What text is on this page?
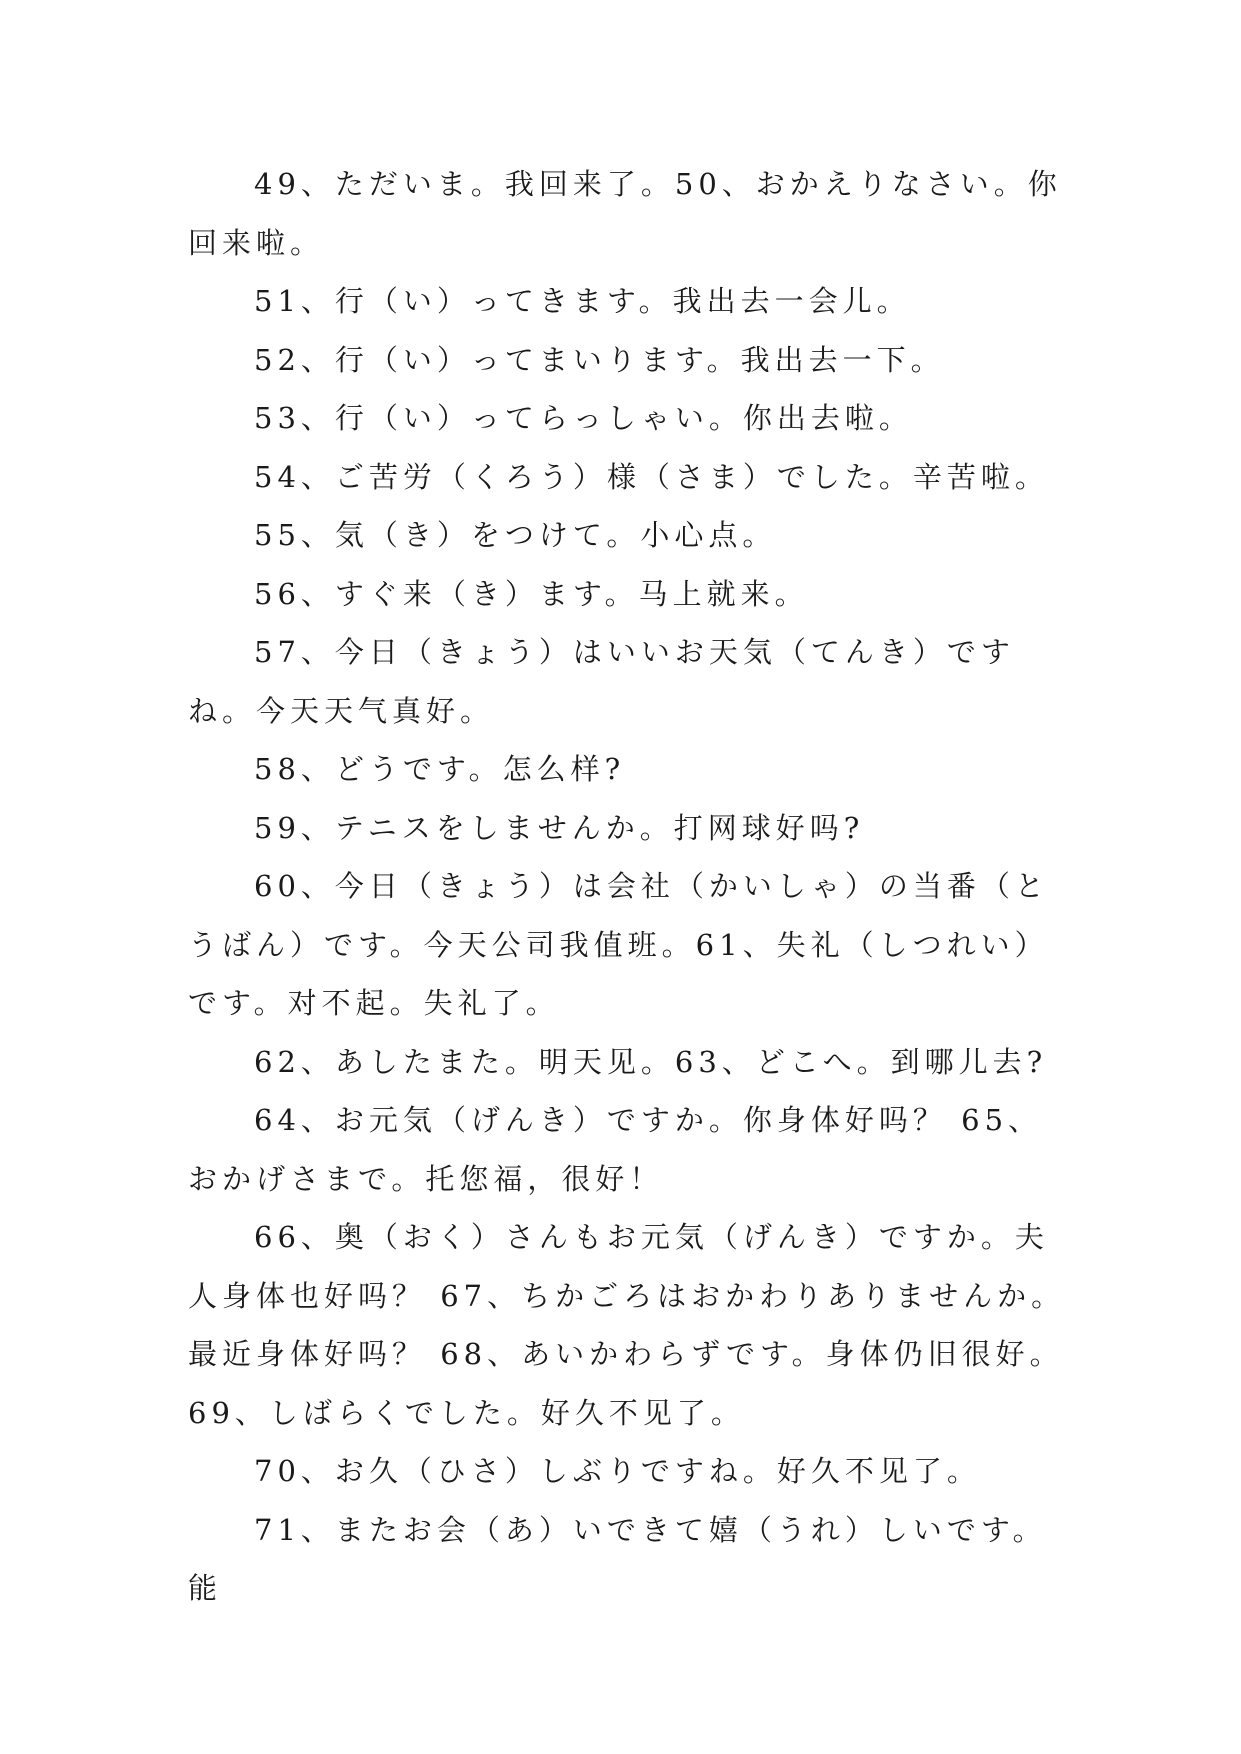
49、ただいま。我回来了。50、おかえりなさい。你回来啦。

51、行（い）ってきます。我出去一会儿。

52、行（い）ってまいります。我出去一下。

53、行（い）ってらっしゃい。你出去啦。

54、ご苦労（くろう）様（さま）でした。辛苦啦。

55、気（き）をつけて。小心点。

56、すぐ来（き）ます。马上就来。

57、今日（きょう）はいいお天気（てんき）ですね。今天天气真好。

58、どうです。怎么样?

59、テニスをしませんか。打网球好吗?

60、今日（きょう）は会社（かいしゃ）の当番（とうばん）です。今天公司我值班。61、失礼（しつれい）です。对不起。失礼了。

62、あしたまた。明天见。63、どこへ。到哪儿去?

64、お元気（げんき）ですか。你身体好吗？ 65、おかげさまで。托您福，很好！

66、奥（おく）さんもお元気（げんき）ですか。夫人身体也好吗？ 67、ちかごろはおかわりありませんか。最近身体好吗？ 68、あいかわらずです。身体仍旧很好。69、しばらくでした。好久不见了。

70、お久（ひさ）しぶりですね。好久不见了。

71、またお会（あ）いできて嬉（うれ）しいです。能
